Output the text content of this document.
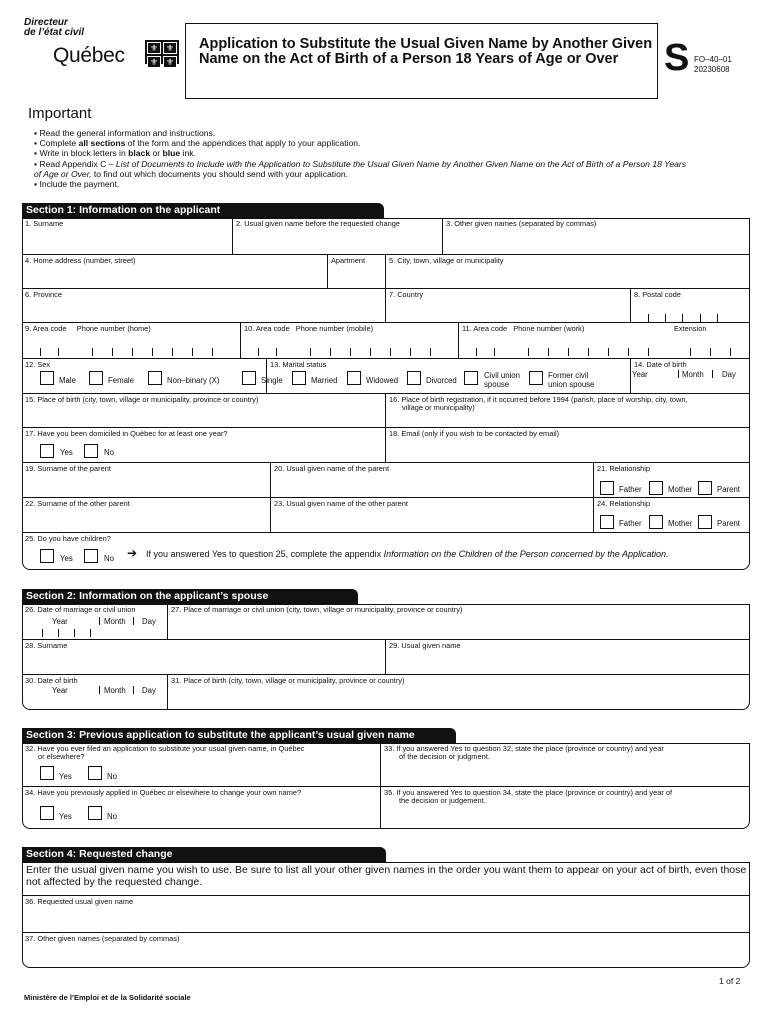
Directeur
de l’état civil
Québec	⚜ ⚜
⚜ ⚜
Application to Substitute the Usual Given Name by Another Given Name on the Act of Birth of a Person 18 Years of Age or Over	S FO–40–01
20230608
Important
▪ Read the general information and instructions.
▪ Complete all sections of the form and the appendices that apply to your application.
▪ Write in block letters in black or blue ink.
▪ Read Appendix C – List of Documents to Include with the Application to Substitute the Usual Given Name by Another Given Name on the Act of Birth of a Person 18 Years of Age or Over, to find out which documents you should send with your application.
▪ Include the payment.
Section 1: Information on the applicant
1. Surname	2. Usual given name before the requested change	3. Other given names (separated by commas)
4. Home address (number, street)	Apartment	5. City, town, village or municipality
6. Province	7. Country	8. Postal code
9. Area code Phone number (home)	10. Area code Phone number (mobile)	11. Area code Phone number (work)	Extension
12. Sex
Male	Female	Non–binary (X)
13. Marital status
Single	Married	Widowed	Divorced
Civil union
spouse
Former civil
union spouse
14. Date of birth
Year	Month Day
15. Place of birth (city, town, village or municipality, province or country)	16. Place of birth registration, if it occurred before 1994 (parish, place of worship, city, town,
village or municipality)
17. Have you been domiciled in Québec for at least one year?
Yes	No
18. Email (only if you wish to be contacted by email)
19. Surname of the parent	20. Usual given name of the parent	21. Relationship
Father	Mother	Parent
22. Surname of the other parent	23. Usual given name of the other parent	24. Relationship
Father	Mother	Parent
25. Do you have children?
Yes	No ➔ If you answered Yes to question 25, complete the appendix Information on the Children of the Person concerned by the Application.
Section 2: Information on the applicant’s spouse
26. Date of marriage or civil union
Year	Month Day
27. Place of marriage or civil union (city, town, village or municipality, province or country)
28. Surname	29. Usual given name
30. Date of birth
Year	Month Day
31. Place of birth (city, town, village or municipality, province or country)
Section 3: Previous application to substitute the applicant’s usual given name
32. Have you ever filed an application to substitute your usual given name, in Québec
or elsewhere?
Yes	No
33. If you answered Yes to question 32, state the place (province or country) and year
of the decision or judgment.
34. Have you previously applied in Québec or elsewhere to change your own name?
Yes	No
35. If you answered Yes to question 34, state the place (province or country) and year of
the decision or judgement.
Section 4: Requested change
Enter the usual given name you wish to use. Be sure to list all your other given names in the order you want them to appear on your act of birth, even those not affected by the requested change.
36. Requested usual given name
37. Other given names (separated by commas)
1 of 2
Ministère de l’Emploi et de la Solidarité sociale
